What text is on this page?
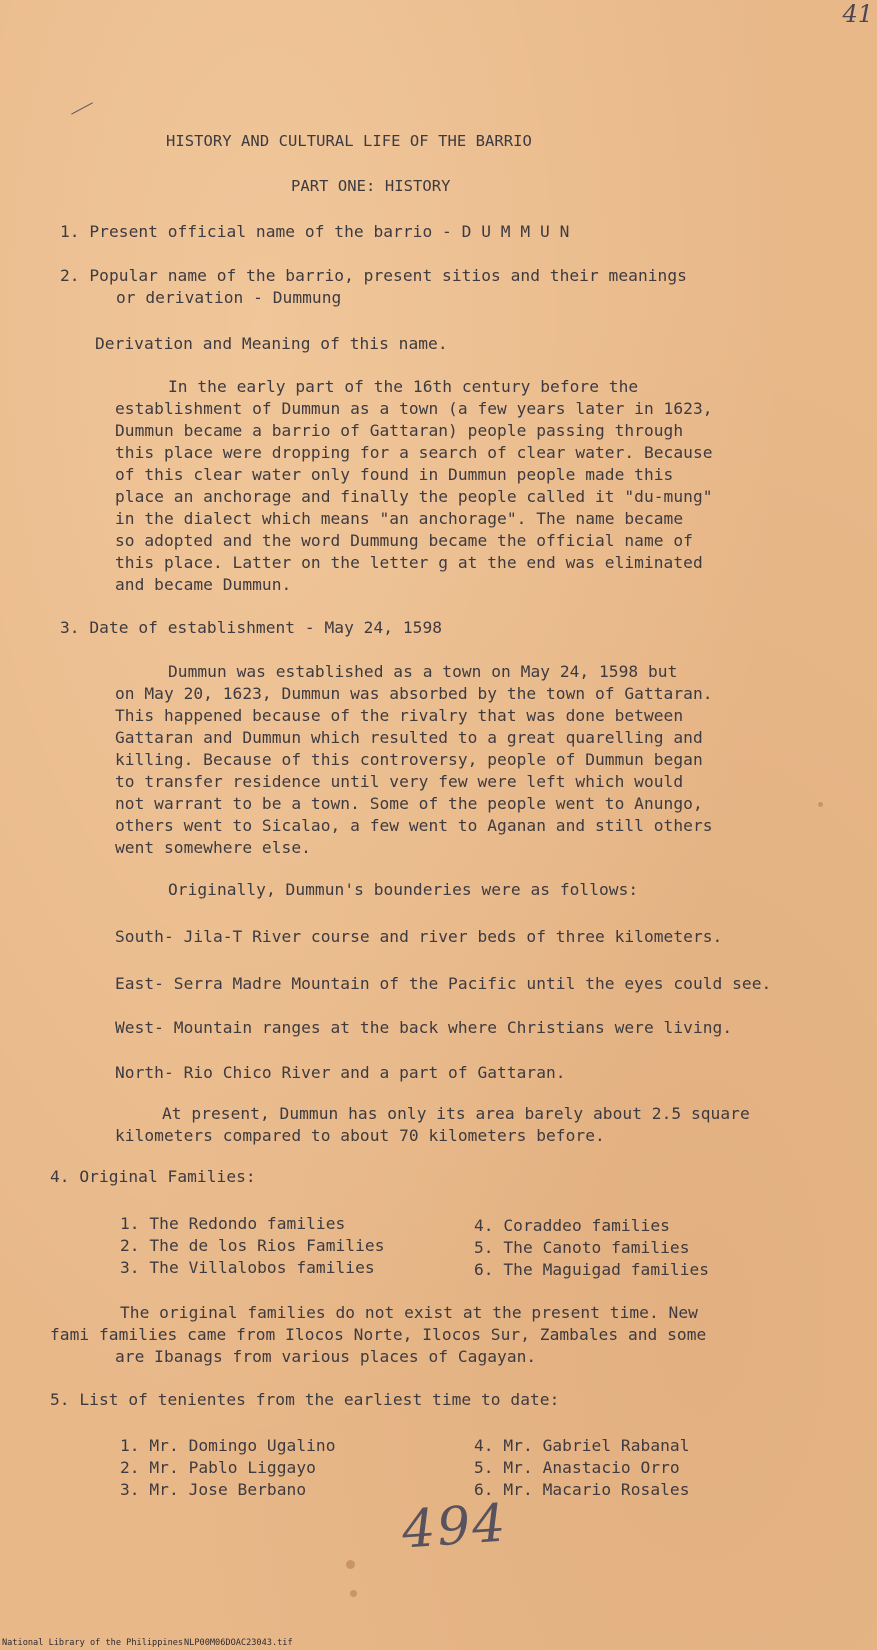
41
HISTORY AND CULTURAL LIFE OF THE BARRIO
PART ONE: HISTORY
1. Present official name of the barrio - D U M M U N
2. Popular name of the barrio, present sitios and their meanings
or derivation - Dummung
Derivation and Meaning of this name.
In the early part of the 16th century before the
establishment of Dummun as a town (a few years later in 1623,
Dummun became a barrio of Gattaran) people passing through
this place were dropping for a search of clear water. Because
of this clear water only found in Dummun people made this
place an anchorage and finally the people called it "du-mung"
in the dialect which means "an anchorage". The name became
so adopted and the word Dummung became the official name of
this place. Latter on the letter g at the end was eliminated
and became Dummun.
3. Date of establishment - May 24, 1598
Dummun was established as a town on May 24, 1598 but
on May 20, 1623, Dummun was absorbed by the town of Gattaran.
This happened because of the rivalry that was done between
Gattaran and Dummun which resulted to a great quarelling and
killing. Because of this controversy, people of Dummun began
to transfer residence until very few were left which would
not warrant to be a town. Some of the people went to Anungo,
others went to Sicalao, a few went to Aganan and still others
went somewhere else.
Originally, Dummun's bounderies were as follows:
South- Jila-T River course and river beds of three kilometers.
East- Serra Madre Mountain of the Pacific until the eyes could see.
West- Mountain ranges at the back where Christians were living.
North- Rio Chico River and a part of Gattaran.
At present, Dummun has only its area barely about 2.5 square
kilometers compared to about 70 kilometers before.
4. Original Families:
1. The Redondo families
2. The de los Rios Families
3. The Villalobos families
4. Coraddeo families
5. The Canoto families
6. The Maguigad families
The original families do not exist at the present time. New
fami families came from Ilocos Norte, Ilocos Sur, Zambales and some
are Ibanags from various places of Cagayan.
5. List of tenientes from the earliest time to date:
1. Mr. Domingo Ugalino
2. Mr. Pablo Liggayo
3. Mr. Jose Berbano
4. Mr. Gabriel Rabanal
5. Mr. Anastacio Orro
6. Mr. Macario Rosales
494
National Library of the Philippines NLP00M06DOAC23043.tif
